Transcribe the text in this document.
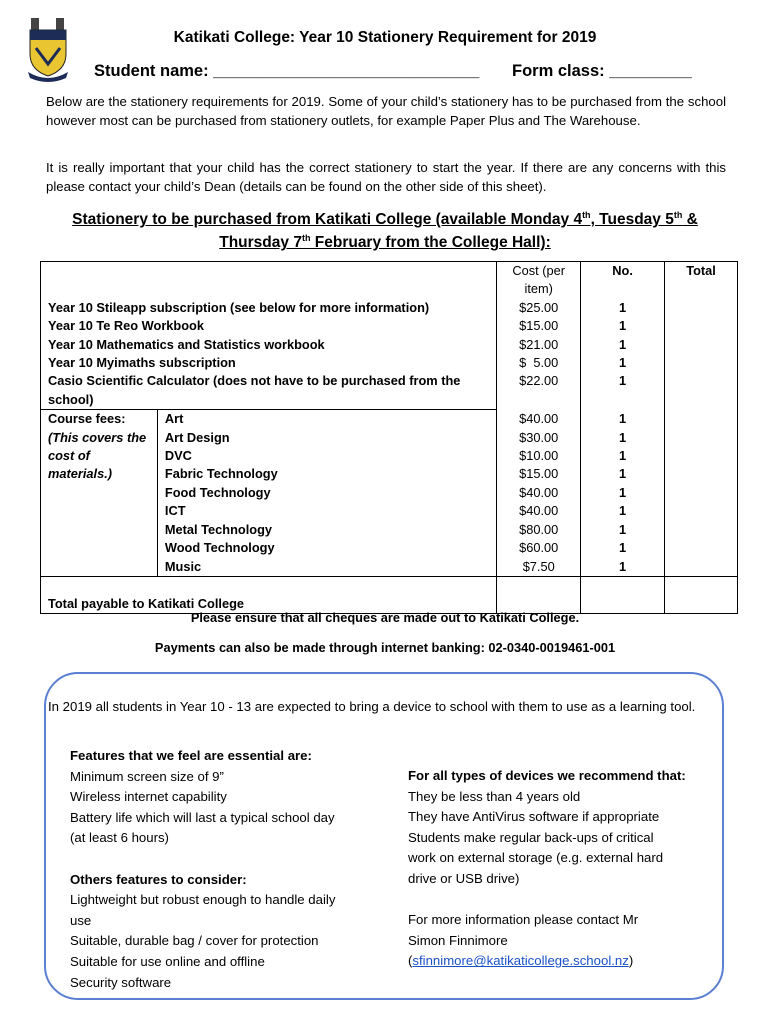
Katikati College: Year 10 Stationery Requirement for 2019
Student name: _____________________________ Form class: _________
Below are the stationery requirements for 2019. Some of your child’s stationery has to be purchased from the school however most can be purchased from stationery outlets, for example Paper Plus and The Warehouse.
It is really important that your child has the correct stationery to start the year. If there are any concerns with this please contact your child’s Dean (details can be found on the other side of this sheet).
Stationery to be purchased from Katikati College (available Monday 4th, Tuesday 5th &
Thursday 7th February from the College Hall):
		Cost (per item)	No.	Total

Year 10 Stileapp subscription (see below for more information)		$25.00	1	
Year 10 Te Reo Workbook		$15.00	1	
Year 10 Mathematics and Statistics workbook		$21.00	1	
Year 10 Myimaths subscription		$  5.00	1	
Casio Scientific Calculator (does not have to be purchased from the school)		$22.00	1	
Course fees:	Art	$40.00	1	
(This covers the cost of materials.)	Art Design	$30.00	1	
	DVC	$10.00	1	
	Fabric Technology	$15.00	1	
	Food Technology	$40.00	1	
	ICT	$40.00	1	
	Metal Technology	$80.00	1	
	Wood Technology	$60.00	1	
	Music	$7.50	1	
Total payable to Katikati College				
Please ensure that all cheques are made out to Katikati College.
Payments can also be made through internet banking: 02-0340-0019461-001
In 2019 all students in Year 10 - 13 are expected to bring a device to school with them to use as a learning tool.
Features that we feel are essential are:
Minimum screen size of 9”
Wireless internet capability
Battery life which will last a typical school day
(at least 6 hours)

Others features to consider:
Lightweight but robust enough to handle daily
use
Suitable, durable bag / cover for protection
Suitable for use online and offline
Security software
For all types of devices we recommend that:
They be less than 4 years old
They have AntiVirus software if appropriate
Students make regular back-ups of critical
work on external storage (e.g. external hard
drive or USB drive)

For more information please contact Mr
Simon Finnimore
(sfinnimore@katikaticollege.school.nz)
